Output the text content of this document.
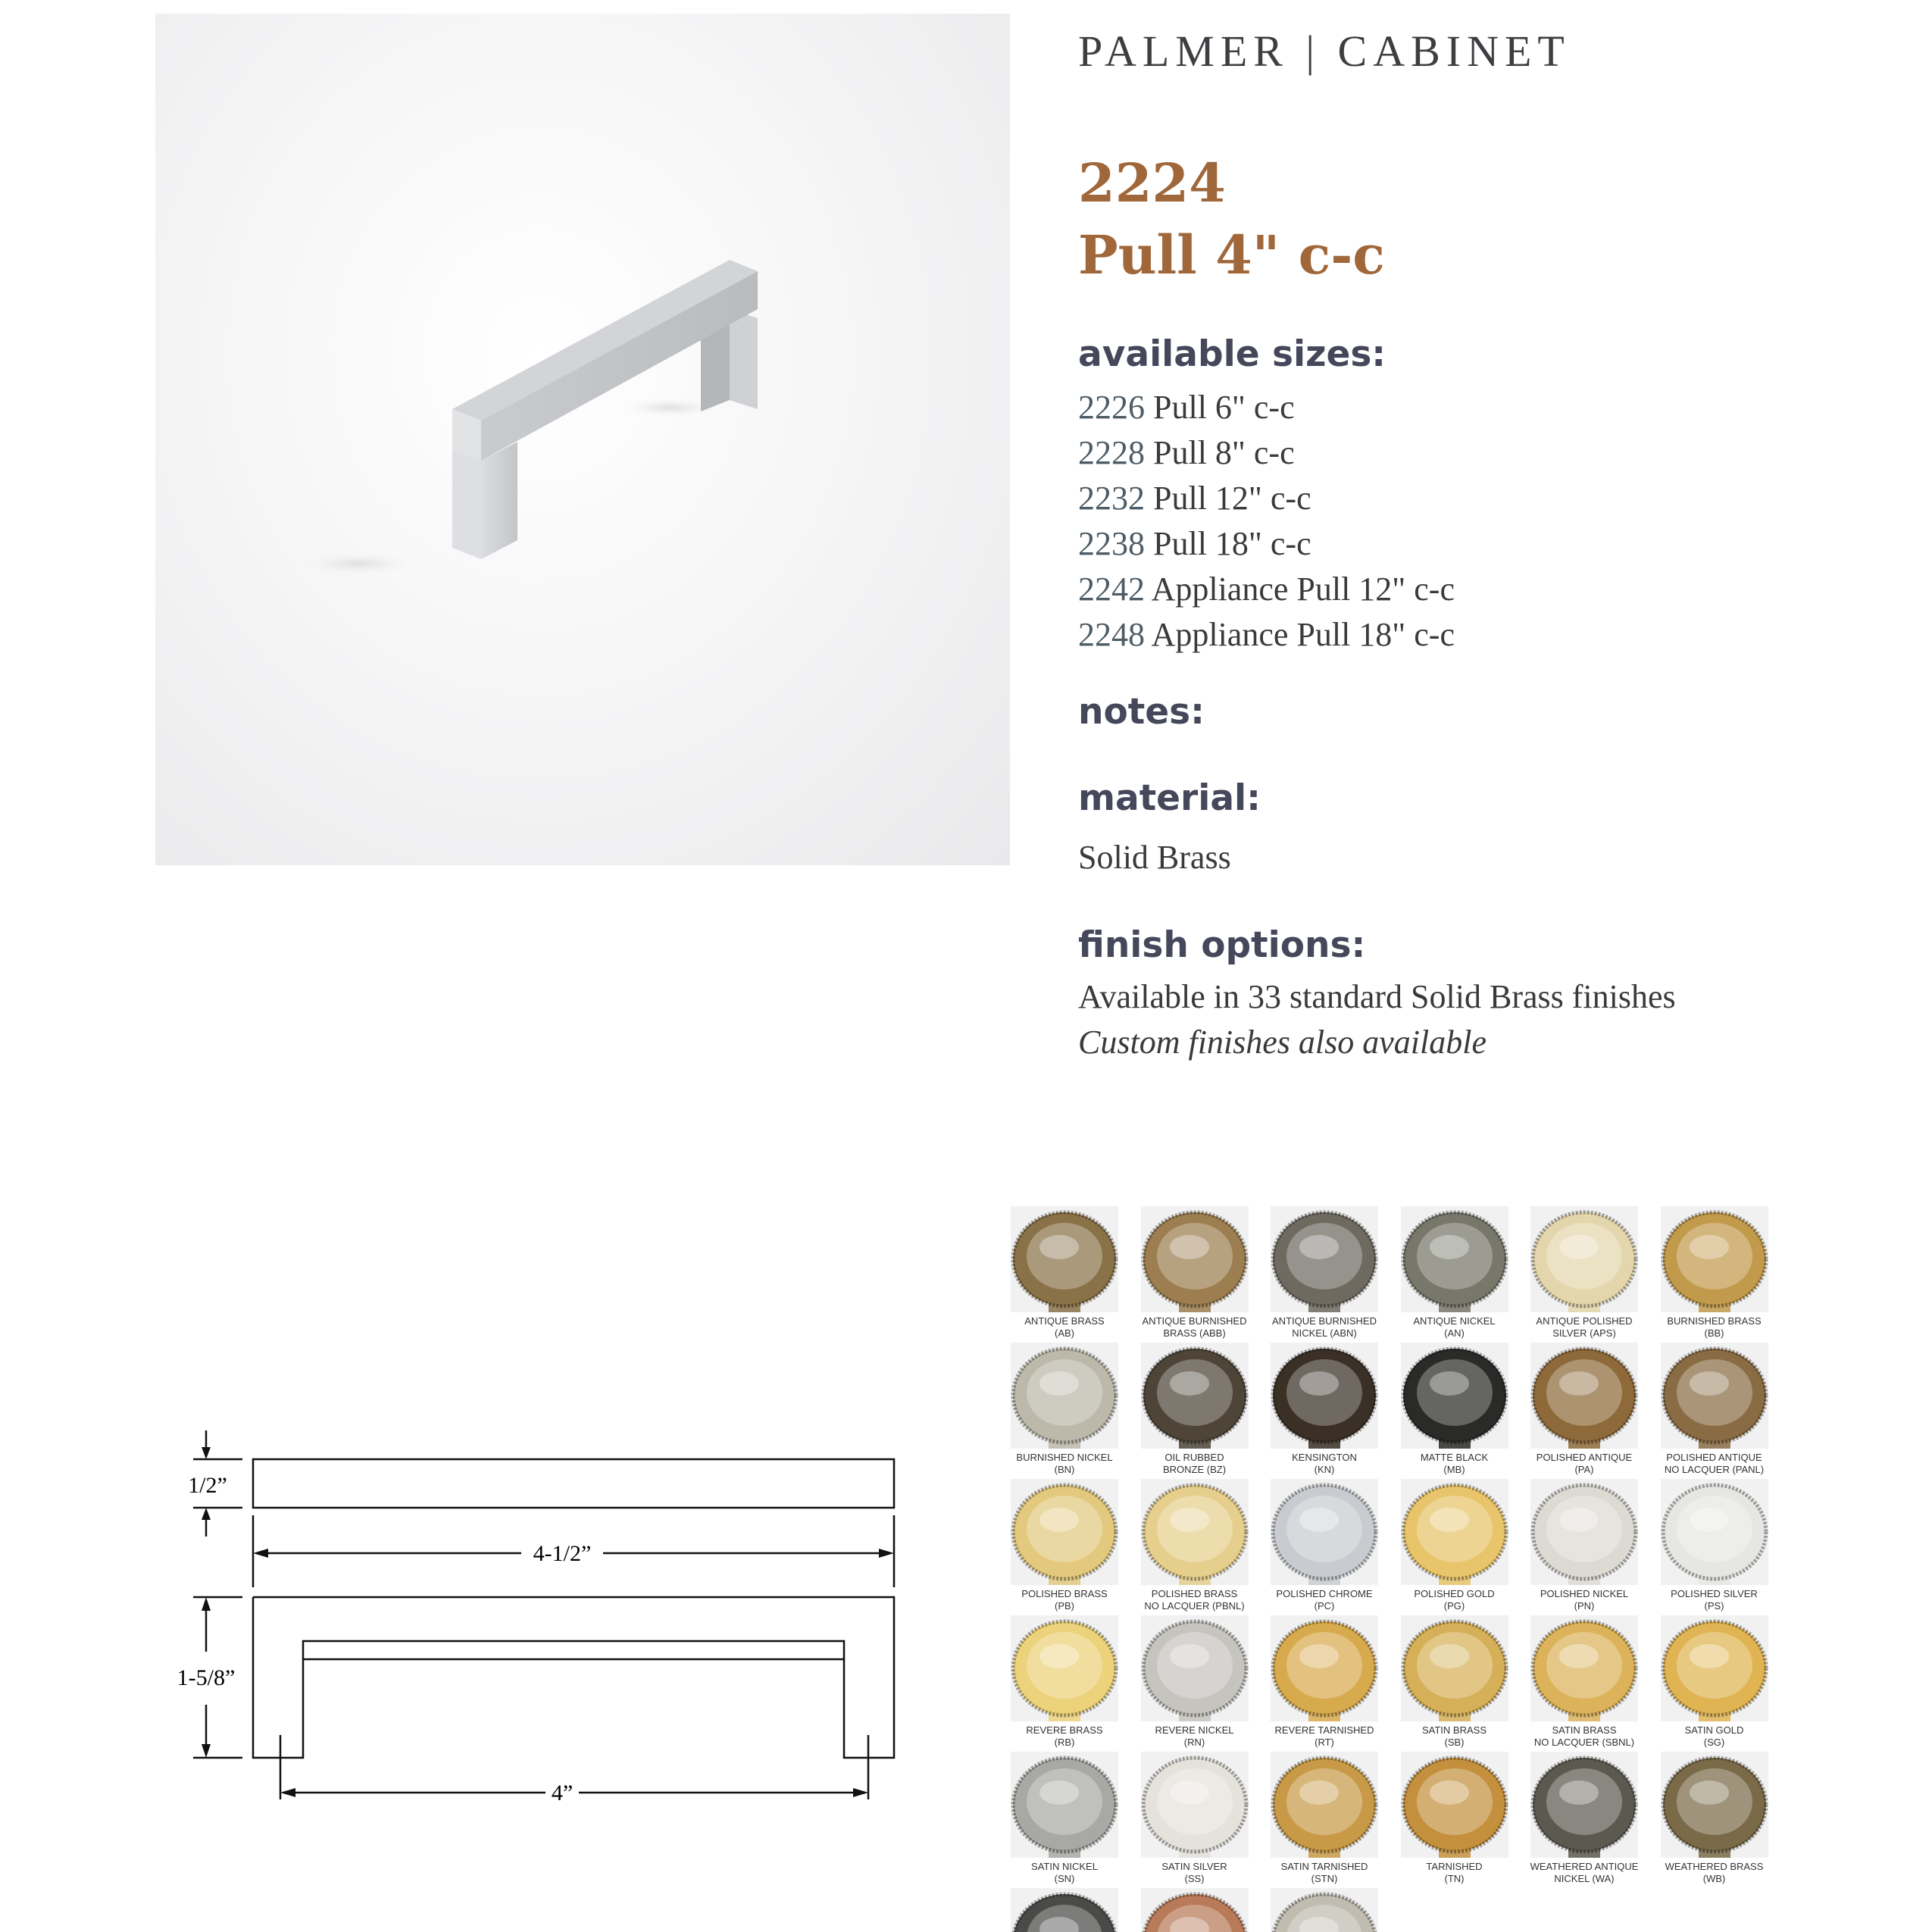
PALMER | CABINET
2224
Pull 4" c-c
available sizes:
2226 Pull 6" c-c
2228 Pull 8" c-c
2232 Pull 12" c-c
2238 Pull 18" c-c
2242 Appliance Pull 12" c-c
2248 Appliance Pull 18" c-c
notes:
material:
Solid Brass
finish options:
Available in 33 standard Solid Brass finishes
Custom finishes also available
1/2”
4-1/2”
1-5/8”
4”
ANTIQUE BRASS
(AB)
ANTIQUE BURNISHED
BRASS (ABB)
ANTIQUE BURNISHED
NICKEL (ABN)
ANTIQUE NICKEL
(AN)
ANTIQUE POLISHED
SILVER (APS)
BURNISHED BRASS
(BB)
BURNISHED NICKEL
(BN)
OIL RUBBED
BRONZE (BZ)
KENSINGTON
(KN)
MATTE BLACK
(MB)
POLISHED ANTIQUE
(PA)
POLISHED ANTIQUE
NO LACQUER (PANL)
POLISHED BRASS
(PB)
POLISHED BRASS
NO LACQUER (PBNL)
POLISHED CHROME
(PC)
POLISHED GOLD
(PG)
POLISHED NICKEL
(PN)
POLISHED SILVER
(PS)
REVERE BRASS
(RB)
REVERE NICKEL
(RN)
REVERE TARNISHED
(RT)
SATIN BRASS
(SB)
SATIN BRASS
NO LACQUER (SBNL)
SATIN GOLD
(SG)
SATIN NICKEL
(SN)
SATIN SILVER
(SS)
SATIN TARNISHED
(STN)
TARNISHED
(TN)
WEATHERED ANTIQUE
NICKEL (WA)
WEATHERED BRASS
(WB)
